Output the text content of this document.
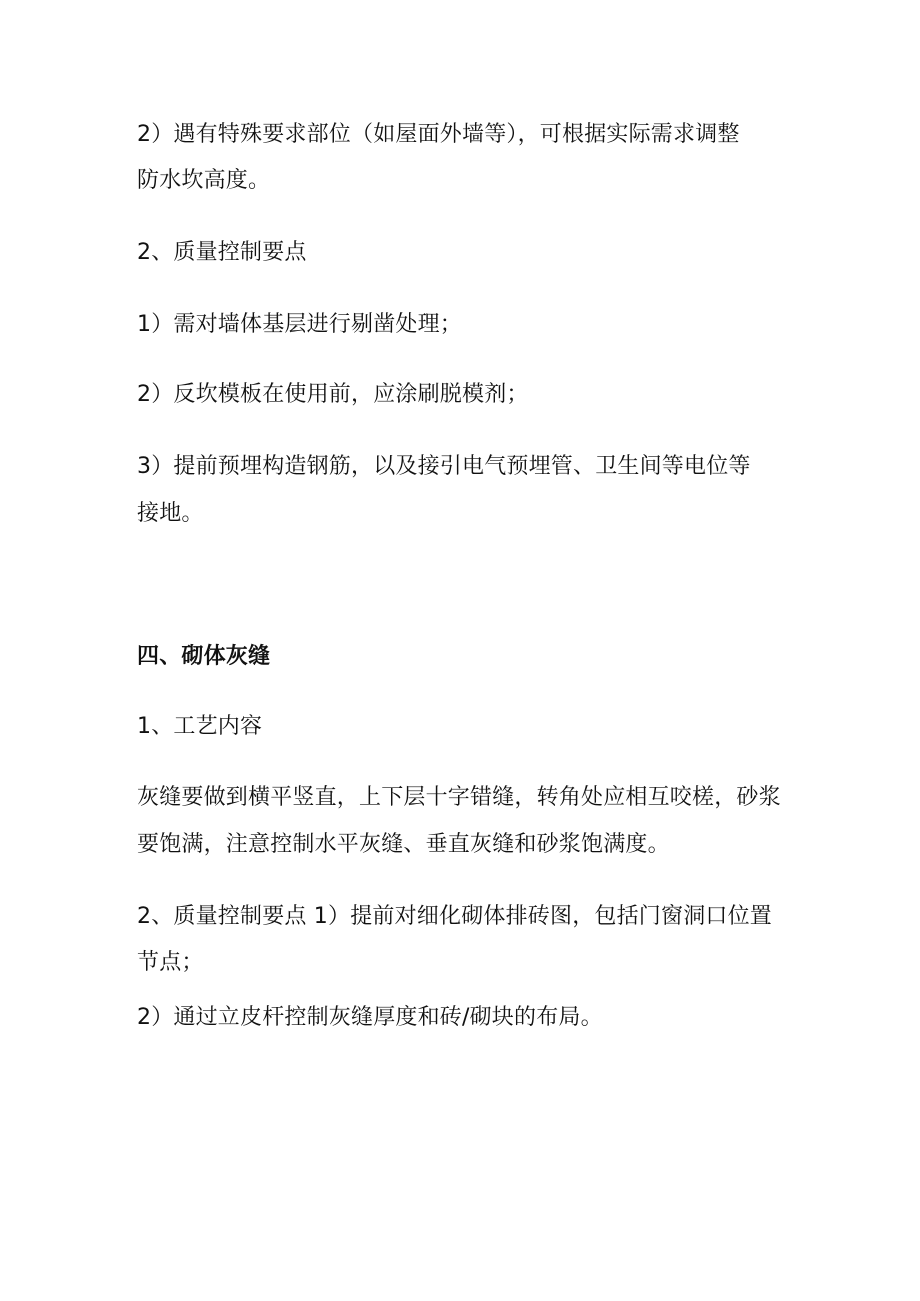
2）遇有特殊要求部位（如屋面外墙等），可根据实际需求调整
防水坎高度。
2、质量控制要点
1）需对墙体基层进行剔凿处理；
2）反坎模板在使用前，应涂刷脱模剂；
3）提前预埋构造钢筋，以及接引电气预埋管、卫生间等电位等
接地。
四、砌体灰缝
1、工艺内容
灰缝要做到横平竖直，上下层十字错缝，转角处应相互咬槎，砂浆
要饱满，注意控制水平灰缝、垂直灰缝和砂浆饱满度。
2、质量控制要点 1）提前对细化砌体排砖图，包括门窗洞口位置
节点；
2）通过立皮杆控制灰缝厚度和砖/砌块的布局。
